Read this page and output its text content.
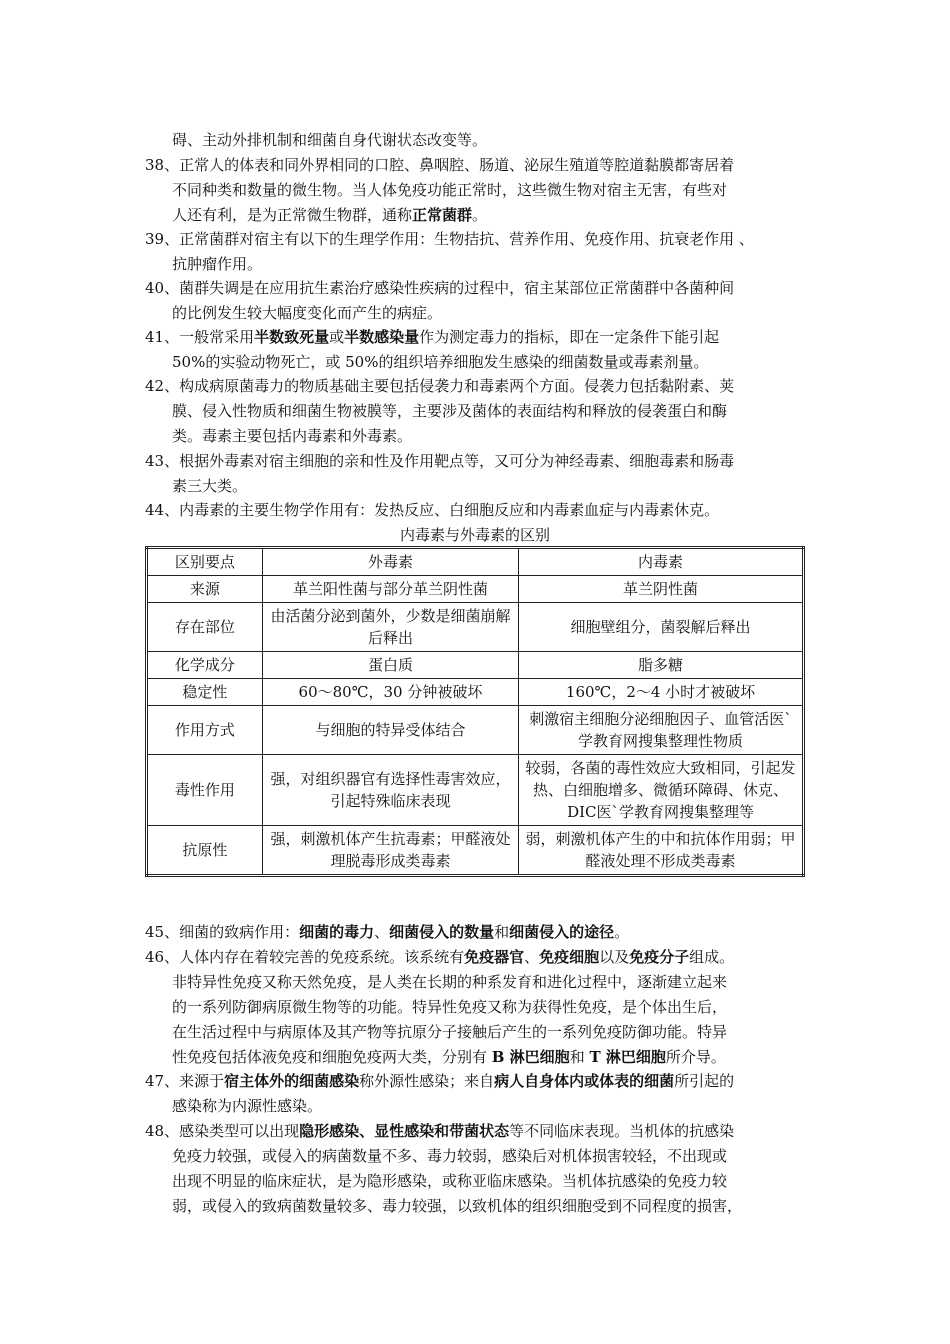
碍、主动外排机制和细菌自身代谢状态改变等。
38、正常人的体表和同外界相同的口腔、鼻咽腔、肠道、泌尿生殖道等腔道黏膜都寄居着
不同种类和数量的微生物。当人体免疫功能正常时，这些微生物对宿主无害，有些对
人还有利，是为正常微生物群，通称正常菌群。
39、正常菌群对宿主有以下的生理学作用：生物拮抗、营养作用、免疫作用、抗衰老作用 、
抗肿瘤作用。
40、菌群失调是在应用抗生素治疗感染性疾病的过程中，宿主某部位正常菌群中各菌种间
的比例发生较大幅度变化而产生的病症。
41、一般常采用半数致死量或半数感染量作为测定毒力的指标，即在一定条件下能引起
50%的实验动物死亡，或 50%的组织培养细胞发生感染的细菌数量或毒素剂量。
42、构成病原菌毒力的物质基础主要包括侵袭力和毒素两个方面。侵袭力包括黏附素、荚
膜、侵入性物质和细菌生物被膜等，主要涉及菌体的表面结构和释放的侵袭蛋白和酶
类。毒素主要包括内毒素和外毒素。
43、根据外毒素对宿主细胞的亲和性及作用靶点等，又可分为神经毒素、细胞毒素和肠毒
素三大类。
44、内毒素的主要生物学作用有：发热反应、白细胞反应和内毒素血症与内毒素休克。
内毒素与外毒素的区别
区别要点	外毒素	内毒素
来源	革兰阳性菌与部分革兰阴性菌	革兰阴性菌
存在部位	由活菌分泌到菌外，少数是细菌崩解后释出	细胞壁组分，菌裂解后释出
化学成分	蛋白质	脂多糖
稳定性	60～80℃，30 分钟被破坏	160℃，2～4 小时才被破坏
作用方式	与细胞的特异受体结合	刺激宿主细胞分泌细胞因子、血管活医`学教育网搜集整理性物质
毒性作用	强，对组织器官有选择性毒害效应，引起特殊临床表现	较弱，各菌的毒性效应大致相同，引起发热、白细胞增多、微循环障碍、休克、DIC医`学教育网搜集整理等
抗原性	强，刺激机体产生抗毒素；甲醛液处理脱毒形成类毒素	弱，刺激机体产生的中和抗体作用弱；甲醛液处理不形成类毒素
45、细菌的致病作用：细菌的毒力、细菌侵入的数量和细菌侵入的途径。
46、人体内存在着较完善的免疫系统。该系统有免疫器官、免疫细胞以及免疫分子组成。
非特异性免疫又称天然免疫，是人类在长期的种系发育和进化过程中，逐渐建立起来
的一系列防御病原微生物等的功能。特异性免疫又称为获得性免疫，是个体出生后，
在生活过程中与病原体及其产物等抗原分子接触后产生的一系列免疫防御功能。特异
性免疫包括体液免疫和细胞免疫两大类，分别有 B 淋巴细胞和 T 淋巴细胞所介导。
47、来源于宿主体外的细菌感染称外源性感染；来自病人自身体内或体表的细菌所引起的
感染称为内源性感染。
48、感染类型可以出现隐形感染、显性感染和带菌状态等不同临床表现。当机体的抗感染
免疫力较强，或侵入的病菌数量不多、毒力较弱，感染后对机体损害较轻，不出现或
出现不明显的临床症状，是为隐形感染，或称亚临床感染。当机体抗感染的免疫力较
弱，或侵入的致病菌数量较多、毒力较强，以致机体的组织细胞受到不同程度的损害，
